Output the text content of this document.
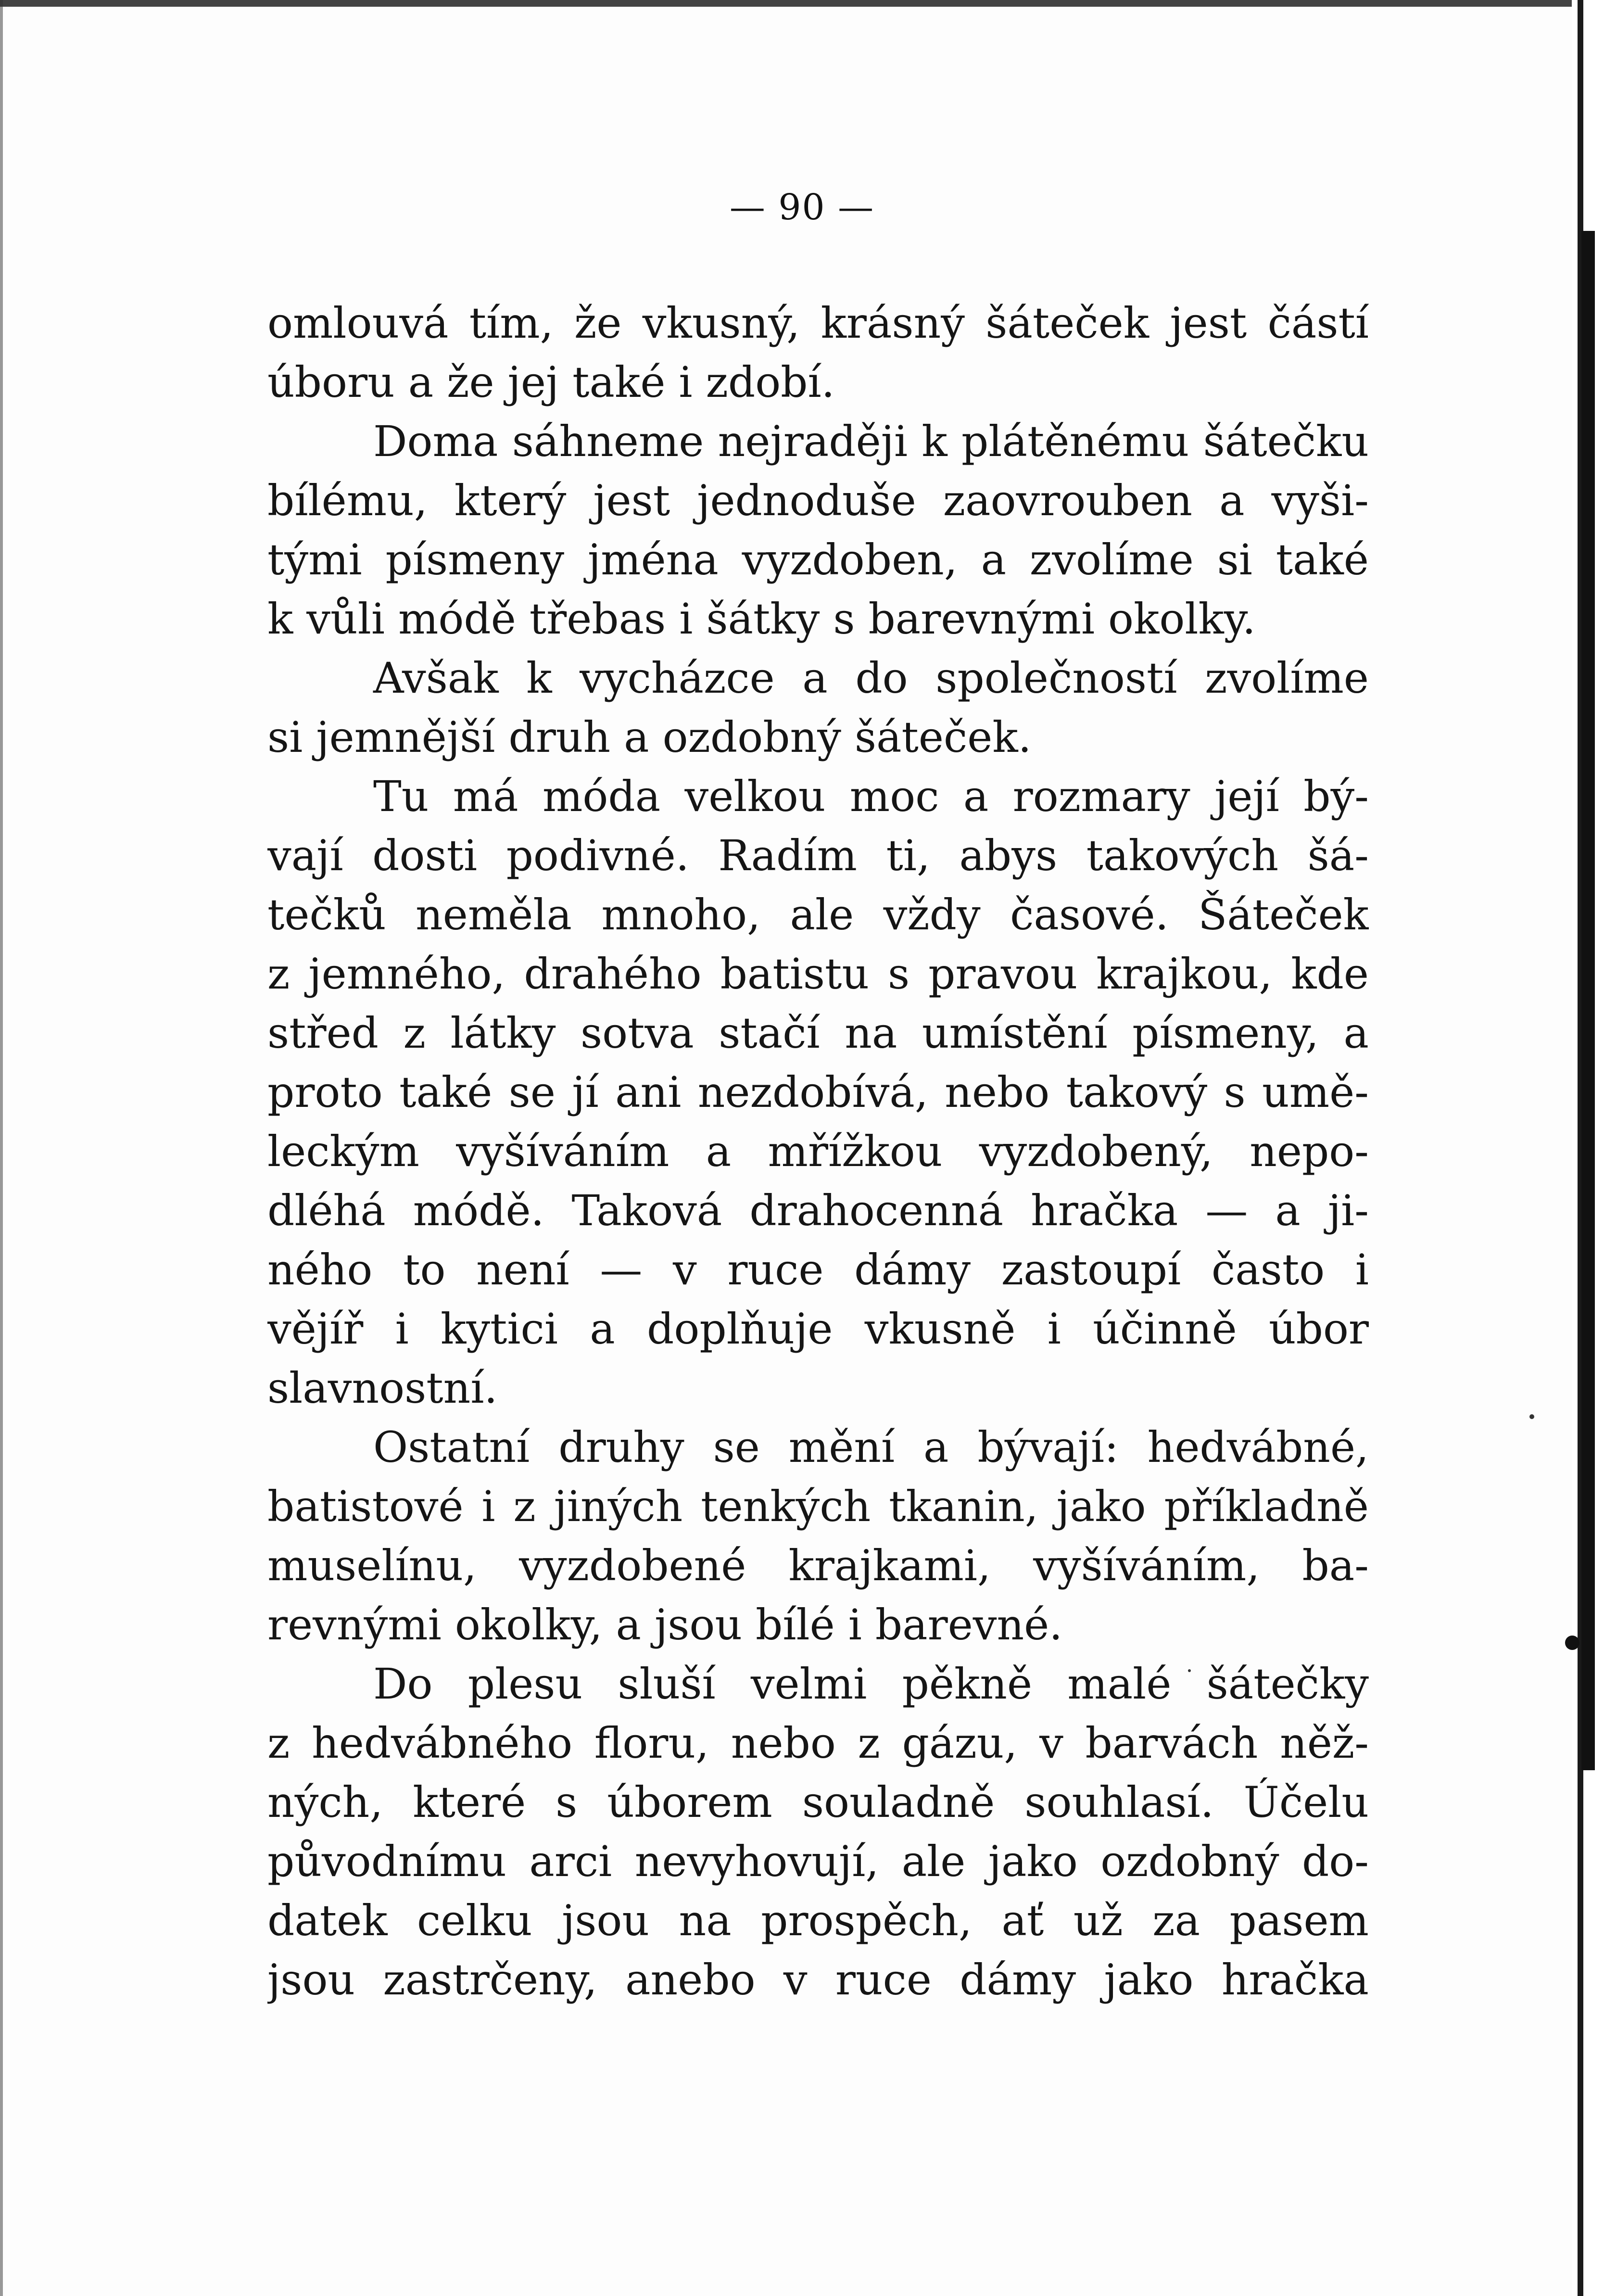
— 90 —
omlouvá tím, že vkusný, krásný šáteček jest částí
úboru a že jej také i zdobí.
Doma sáhneme nejraději k plátěnému šátečku
bílému, který jest jednoduše zaovrouben a vyši-
tými písmeny jména vyzdoben, a zvolíme si také
k vůli módě třebas i šátky s barevnými okolky.
Avšak k vycházce a do společností zvolíme
si jemnější druh a ozdobný šáteček.
Tu má móda velkou moc a rozmary její bý-
vají dosti podivné. Radím ti, abys takových šá-
tečků neměla mnoho, ale vždy časové. Šáteček
z jemného, drahého batistu s pravou krajkou, kde
střed z látky sotva stačí na umístění písmeny, a
proto také se jí ani nezdobívá, nebo takový s umě-
leckým vyšíváním a mřížkou vyzdobený, nepo-
dléhá módě. Taková drahocenná hračka — a ji-
ného to není — v ruce dámy zastoupí často i
vějíř i kytici a doplňuje vkusně i účinně úbor
slavnostní.
Ostatní druhy se mění a bývají: hedvábné,
batistové i z jiných tenkých tkanin, jako příkladně
muselínu, vyzdobené krajkami, vyšíváním, ba-
revnými okolky, a jsou bílé i barevné.
Do plesu sluší velmi pěkně malé šátečky
z hedvábného floru, nebo z gázu, v barvách něž-
ných, které s úborem souladně souhlasí. Účelu
původnímu arci nevyhovují, ale jako ozdobný do-
datek celku jsou na prospěch, ať už za pasem
jsou zastrčeny, anebo v ruce dámy jako hračka
